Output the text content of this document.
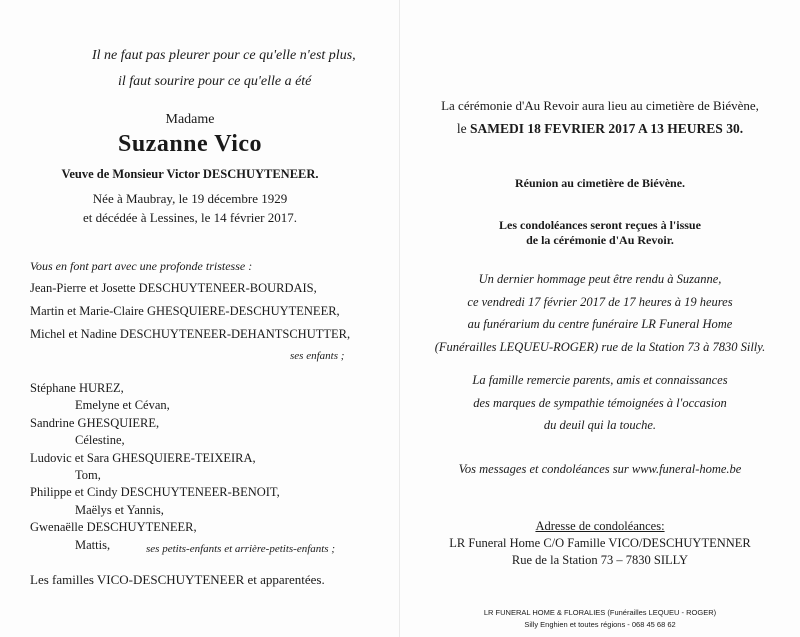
Il ne faut pas pleurer pour ce qu'elle n'est plus,
il faut sourire pour ce qu'elle a été
Madame
Suzanne Vico
Veuve de Monsieur Victor DESCHUYTENEER.
Née à Maubray, le 19 décembre 1929
et décédée à Lessines, le 14 février 2017.
Vous en font part avec une profonde tristesse :
Jean-Pierre et Josette DESCHUYTENEER-BOURDAIS,
Martin et Marie-Claire GHESQUIERE-DESCHUYTENEER,
Michel et Nadine DESCHUYTENEER-DEHANTSCHUTTER,
ses enfants ;
Stéphane HUREZ,
Emelyne et Cévan,
Sandrine GHESQUIERE,
Célestine,
Ludovic et Sara GHESQUIERE-TEIXEIRA,
Tom,
Philippe et Cindy DESCHUYTENEER-BENOIT,
Maëlys et Yannis,
Gwenaëlle DESCHUYTENEER,
Mattis,	ses petits-enfants et arrière-petits-enfants ;
Les familles VICO-DESCHUYTENEER et apparentées.
La cérémonie d'Au Revoir aura lieu au cimetière de Biévène,
le SAMEDI 18 FEVRIER 2017 A 13 HEURES 30.
Réunion au cimetière de Biévène.
Les condoléances seront reçues à l'issue
de la cérémonie d'Au Revoir.
Un dernier hommage peut être rendu à Suzanne,
ce vendredi 17 février 2017 de 17 heures à 19 heures
au funérarium du centre funéraire LR Funeral Home
(Funérailles LEQUEU-ROGER) rue de la Station 73 à 7830 Silly.
La famille remercie parents, amis et connaissances
des marques de sympathie témoignées à l'occasion
du deuil qui la touche.
Vos messages et condoléances sur www.funeral-home.be
Adresse de condoléances:
LR Funeral Home C/O Famille VICO/DESCHUYTENNER
Rue de la Station 73 – 7830 SILLY
LR FUNERAL HOME & FLORALIES (Funérailles LEQUEU - ROGER)
Silly Enghien et toutes régions - 068 45 68 62
